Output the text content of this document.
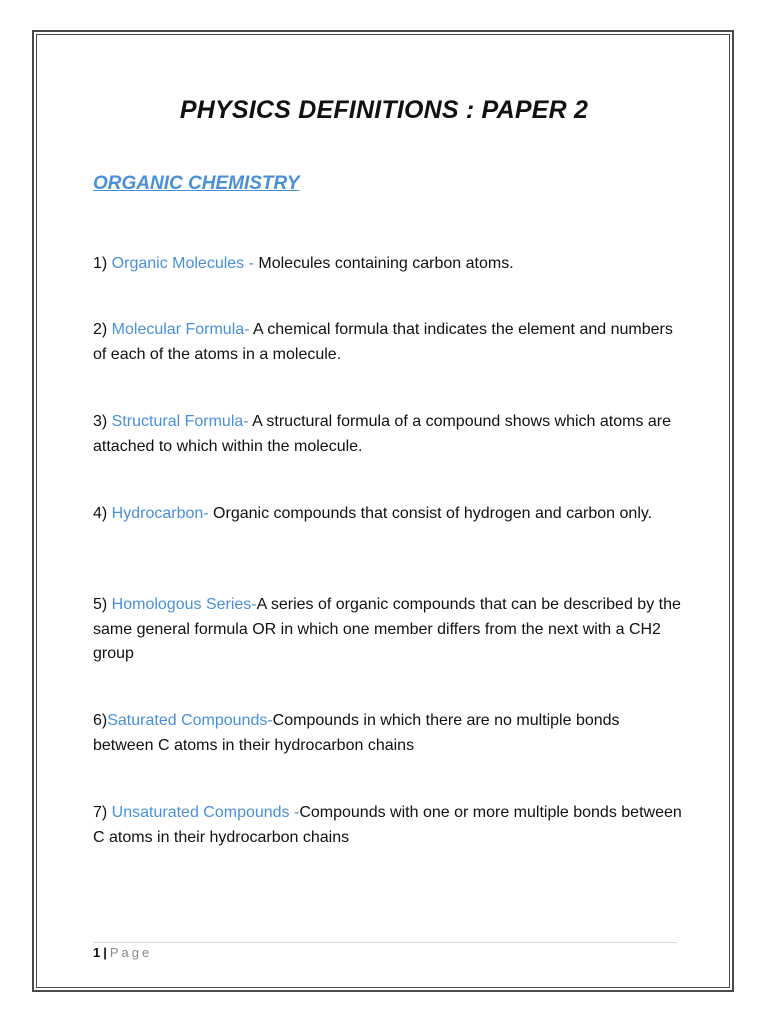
PHYSICS DEFINITIONS : PAPER 2
ORGANIC CHEMISTRY
1) Organic Molecules - Molecules containing carbon atoms.
2) Molecular Formula- A chemical formula that indicates the element and numbers of each of the atoms in a molecule.
3) Structural Formula- A structural formula of a compound shows which atoms are attached to which within the molecule.
4) Hydrocarbon- Organic compounds that consist of hydrogen and carbon only.
5) Homologous Series-A series of organic compounds that can be described by the same general formula OR in which one member differs from the next with a CH2 group
6)Saturated Compounds-Compounds in which there are no multiple bonds between C atoms in their hydrocarbon chains
7) Unsaturated Compounds -Compounds with one or more multiple bonds between C atoms in their hydrocarbon chains
1 | Page
